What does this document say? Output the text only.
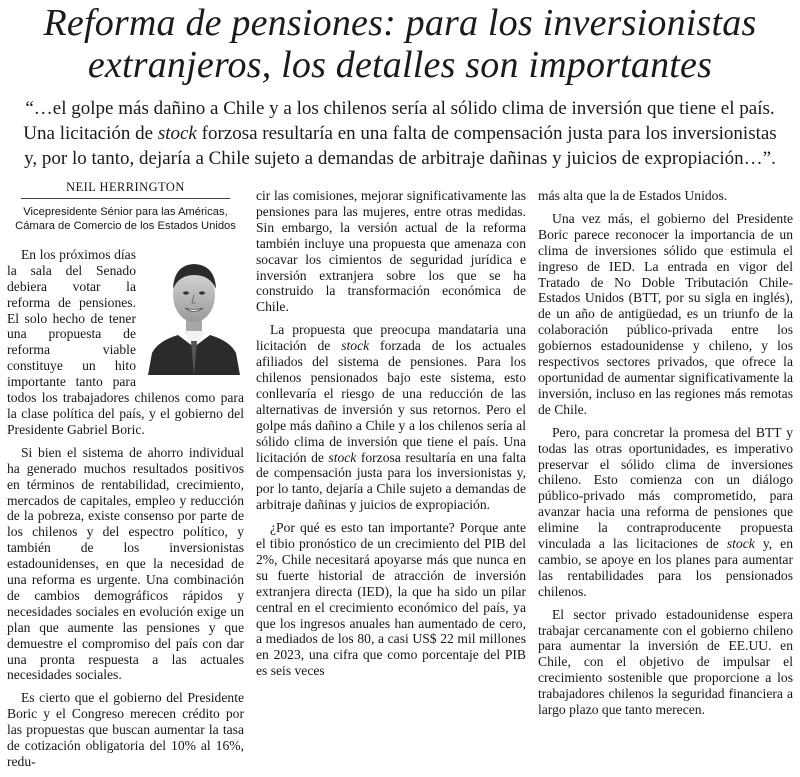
Reforma de pensiones: para los inversionistas
extranjeros, los detalles son importantes
“…el golpe más dañino a Chile y a los chilenos sería al sólido clima de inversión que tiene el país.
Una licitación de stock forzosa resultaría en una falta de compensación justa para los inversionistas
y, por lo tanto, dejaría a Chile sujeto a demandas de arbitraje dañinas y juicios de expropiación…”.
NEIL HERRINGTON
Vicepresidente Sénior para las Américas, Cámara de Comercio de los Estados Unidos

En los próximos días la sala del Senado debiera votar la reforma de pensiones. El solo hecho de tener una propuesta de reforma viable constituye un hito importante tanto para todos los trabajadores chilenos como para la clase política del país, y el gobierno del Presidente Gabriel Boric.

Si bien el sistema de ahorro individual ha generado muchos resultados positivos en términos de rentabilidad, crecimiento, mercados de capitales, empleo y reducción de la pobreza, existe consenso por parte de los chilenos y del espectro político, y también de los inversionistas estadounidenses, en que la necesidad de una reforma es urgente. Una combinación de cambios demográficos rápidos y necesidades sociales en evolución exige un plan que aumente las pensiones y que demuestre el compromiso del país con dar una pronta respuesta a las actuales necesidades sociales.

Es cierto que el gobierno del Presidente Boric y el Congreso merecen crédito por las propuestas que buscan aumentar la tasa de cotización obligatoria del 10% al 16%, redu-

cir las comisiones, mejorar significativamente las pensiones para las mujeres, entre otras medidas. Sin embargo, la versión actual de la reforma también incluye una propuesta que amenaza con socavar los cimientos de seguridad jurídica e inversión extranjera sobre los que se ha construido la transformación económica de Chile.

La propuesta que preocupa mandataria una licitación de stock forzada de los actuales afiliados del sistema de pensiones. Para los chilenos pensionados bajo este sistema, esto conllevaría el riesgo de una reducción de las alternativas de inversión y sus retornos. Pero el golpe más dañino a Chile y a los chilenos sería al sólido clima de inversión que tiene el país. Una licitación de stock forzosa resultaría en una falta de compensación justa para los inversionistas y, por lo tanto, dejaría a Chile sujeto a demandas de arbitraje dañinas y juicios de expropiación.

¿Por qué es esto tan importante? Porque ante el tibio pronóstico de un crecimiento del PIB del 2%, Chile necesitará apoyarse más que nunca en su fuerte historial de atracción de inversión extranjera directa (IED), la que ha sido un pilar central en el crecimiento económico del país, ya que los ingresos anuales han aumentado de cero, a mediados de los 80, a casi US$ 22 mil millones en 2023, una cifra que como porcentaje del PIB es seis veces

más alta que la de Estados Unidos.

Una vez más, el gobierno del Presidente Boric parece reconocer la importancia de un clima de inversiones sólido que estimula el ingreso de IED. La entrada en vigor del Tratado de No Doble Tributación Chile-Estados Unidos (BTT, por su sigla en inglés), de un año de antigüedad, es un triunfo de la colaboración público-privada entre los gobiernos estadounidense y chileno, y los respectivos sectores privados, que ofrece la oportunidad de aumentar significativamente la inversión, incluso en las regiones más remotas de Chile.

Pero, para concretar la promesa del BTT y todas las otras oportunidades, es imperativo preservar el sólido clima de inversiones chileno. Esto comienza con un diálogo público-privado más comprometido, para avanzar hacia una reforma de pensiones que elimine la contraproducente propuesta vinculada a las licitaciones de stock y, en cambio, se apoye en los planes para aumentar las rentabilidades para los pensionados chilenos.

El sector privado estadounidense espera trabajar cercanamente con el gobierno chileno para aumentar la inversión de EE.UU. en Chile, con el objetivo de impulsar el crecimiento sostenible que proporcione a los trabajadores chilenos la seguridad financiera a largo plazo que tanto merecen.
